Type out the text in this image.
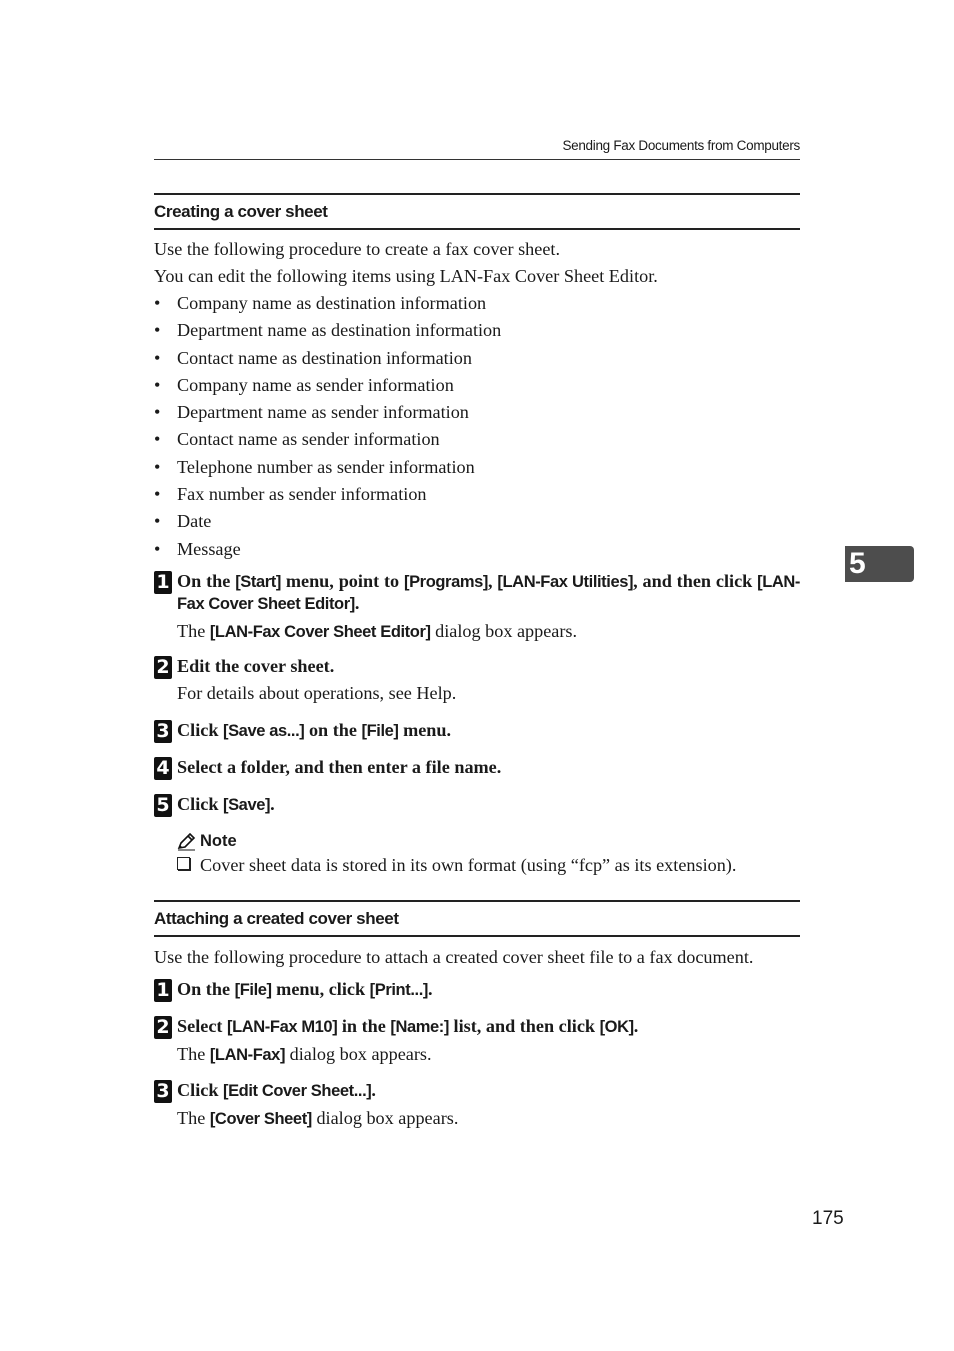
Sending Fax Documents from Computers
Creating a cover sheet
Use the following procedure to create a fax cover sheet.
You can edit the following items using LAN-Fax Cover Sheet Editor.
• Company name as destination information
• Department name as destination information
• Contact name as destination information
• Company name as sender information
• Department name as sender information
• Contact name as sender information
• Telephone number as sender information
• Fax number as sender information
• Date
• Message
1 On the [Start] menu, point to [Programs], [LAN-Fax Utilities], and then click [LAN-Fax Cover Sheet Editor].
The [LAN-Fax Cover Sheet Editor] dialog box appears.
2 Edit the cover sheet.
For details about operations, see Help.
3 Click [Save as...] on the [File] menu.
4 Select a folder, and then enter a file name.
5 Click [Save].
Note
Cover sheet data is stored in its own format (using “fcp” as its extension).
Attaching a created cover sheet
Use the following procedure to attach a created cover sheet file to a fax document.
1 On the [File] menu, click [Print...].
2 Select [LAN-Fax M10] in the [Name:] list, and then click [OK].
The [LAN-Fax] dialog box appears.
3 Click [Edit Cover Sheet...].
The [Cover Sheet] dialog box appears.
5
175
